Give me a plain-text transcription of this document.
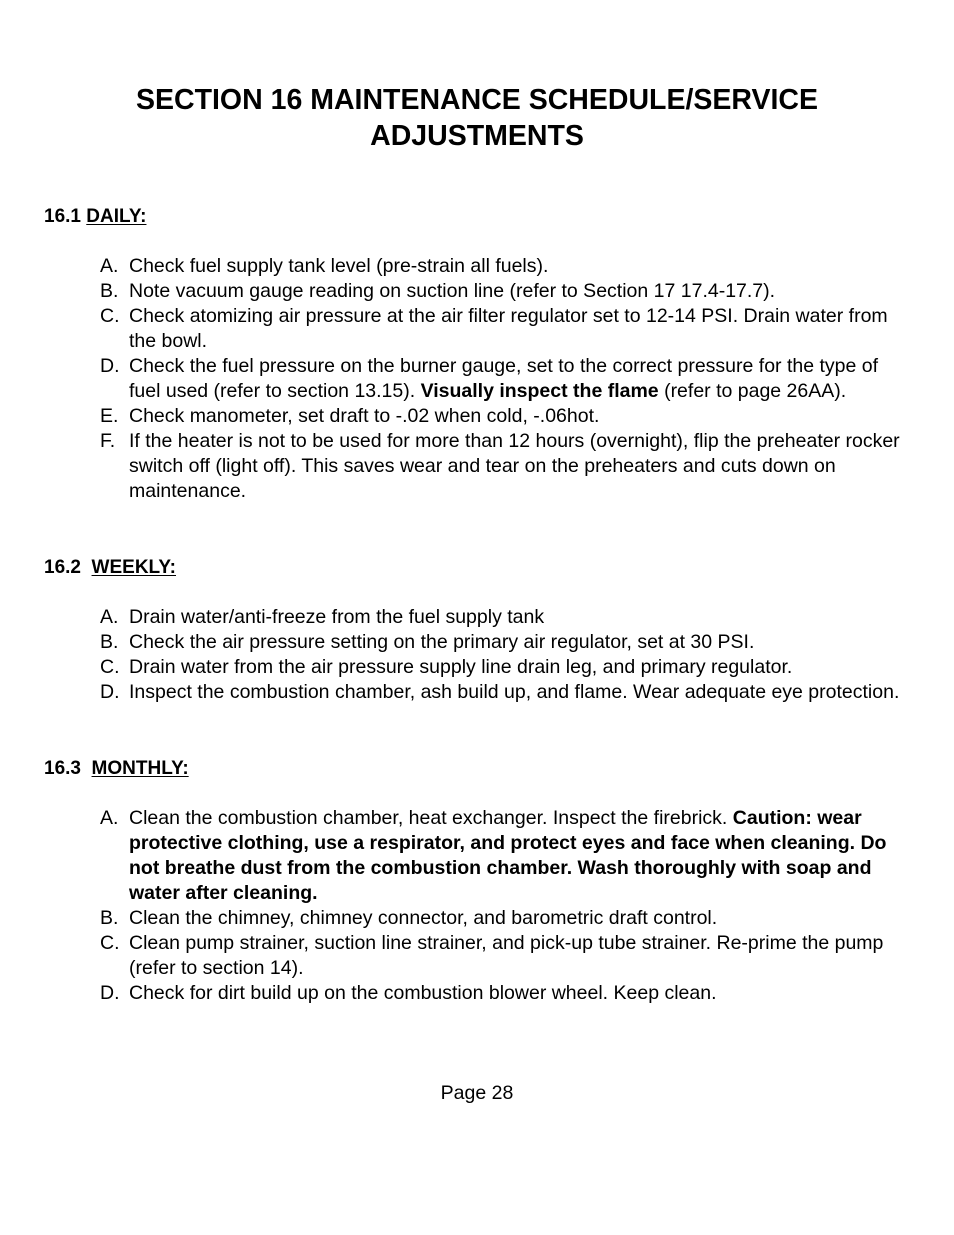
SECTION 16 MAINTENANCE SCHEDULE/SERVICE ADJUSTMENTS
16.1 DAILY:
A. Check fuel supply tank level (pre-strain all fuels).
B. Note vacuum gauge reading on suction line (refer to Section 17 17.4-17.7).
C. Check atomizing air pressure at the air filter regulator set to 12-14 PSI. Drain water from the bowl.
D. Check the fuel pressure on the burner gauge, set to the correct pressure for the type of fuel used (refer to section 13.15). Visually inspect the flame (refer to page 26AA).
E. Check manometer, set draft to -.02 when cold, -.06hot.
F. If the heater is not to be used for more than 12 hours (overnight), flip the preheater rocker switch off (light off). This saves wear and tear on the preheaters and cuts down on maintenance.
16.2 WEEKLY:
A. Drain water/anti-freeze from the fuel supply tank
B. Check the air pressure setting on the primary air regulator, set at 30 PSI.
C. Drain water from the air pressure supply line drain leg, and primary regulator.
D. Inspect the combustion chamber, ash build up, and flame. Wear adequate eye protection.
16.3 MONTHLY:
A. Clean the combustion chamber, heat exchanger. Inspect the firebrick. Caution: wear protective clothing, use a respirator, and protect eyes and face when cleaning. Do not breathe dust from the combustion chamber. Wash thoroughly with soap and water after cleaning.
B. Clean the chimney, chimney connector, and barometric draft control.
C. Clean pump strainer, suction line strainer, and pick-up tube strainer. Re-prime the pump (refer to section 14).
D. Check for dirt build up on the combustion blower wheel. Keep clean.
Page 28
